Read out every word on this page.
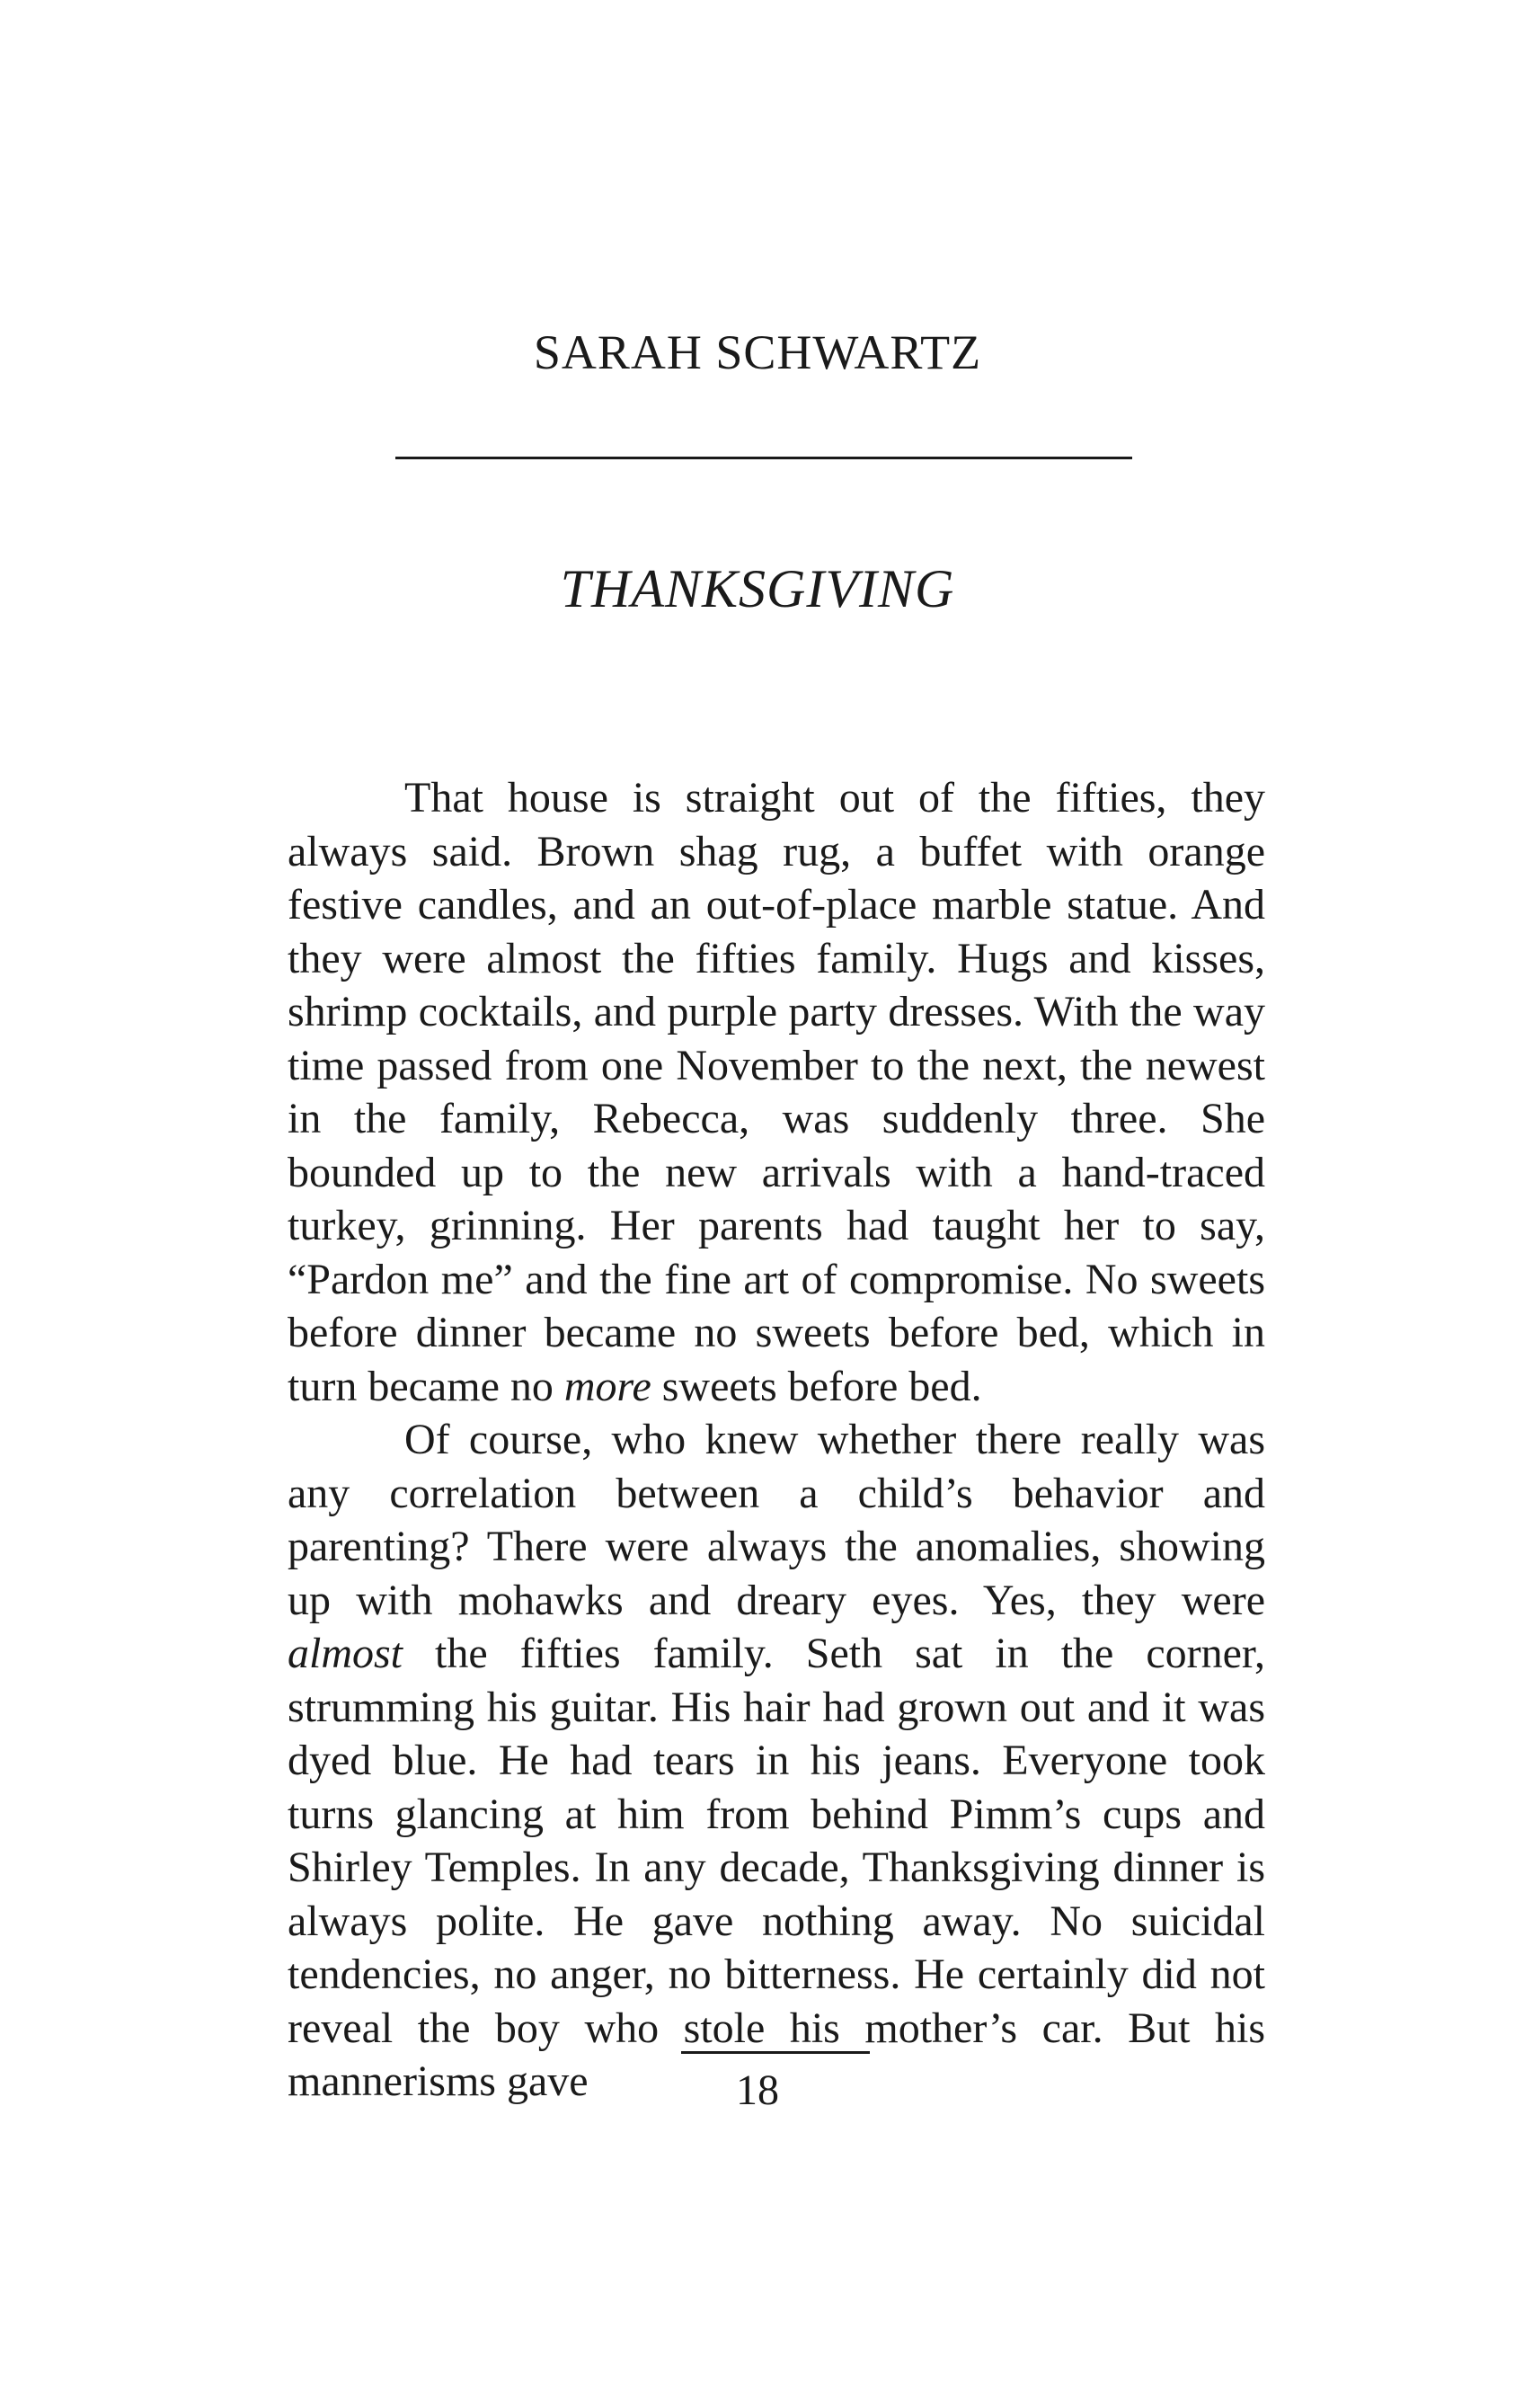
SARAH SCHWARTZ
THANKSGIVING

That house is straight out of the fifties, they always said. Brown shag rug, a buffet with orange festive candles, and an out-of-place marble statue. And they were almost the fifties family. Hugs and kisses, shrimp cocktails, and purple party dresses. With the way time passed from one November to the next, the newest in the family, Rebecca, was suddenly three. She bounded up to the new arrivals with a hand-traced turkey, grinning. Her parents had taught her to say, “Pardon me” and the fine art of compromise. No sweets before dinner became no sweets before bed, which in turn became no more sweets before bed.

Of course, who knew whether there really was any correlation between a child’s behavior and parenting? There were always the anomalies, showing up with mohawks and dreary eyes. Yes, they were almost the fifties family. Seth sat in the corner, strumming his guitar. His hair had grown out and it was dyed blue. He had tears in his jeans. Everyone took turns glancing at him from behind Pimm’s cups and Shirley Temples. In any decade, Thanksgiving dinner is always polite. He gave nothing away. No suicidal tendencies, no anger, no bitterness. He certainly did not reveal the boy who stole his mother’s car. But his mannerisms gave	18
